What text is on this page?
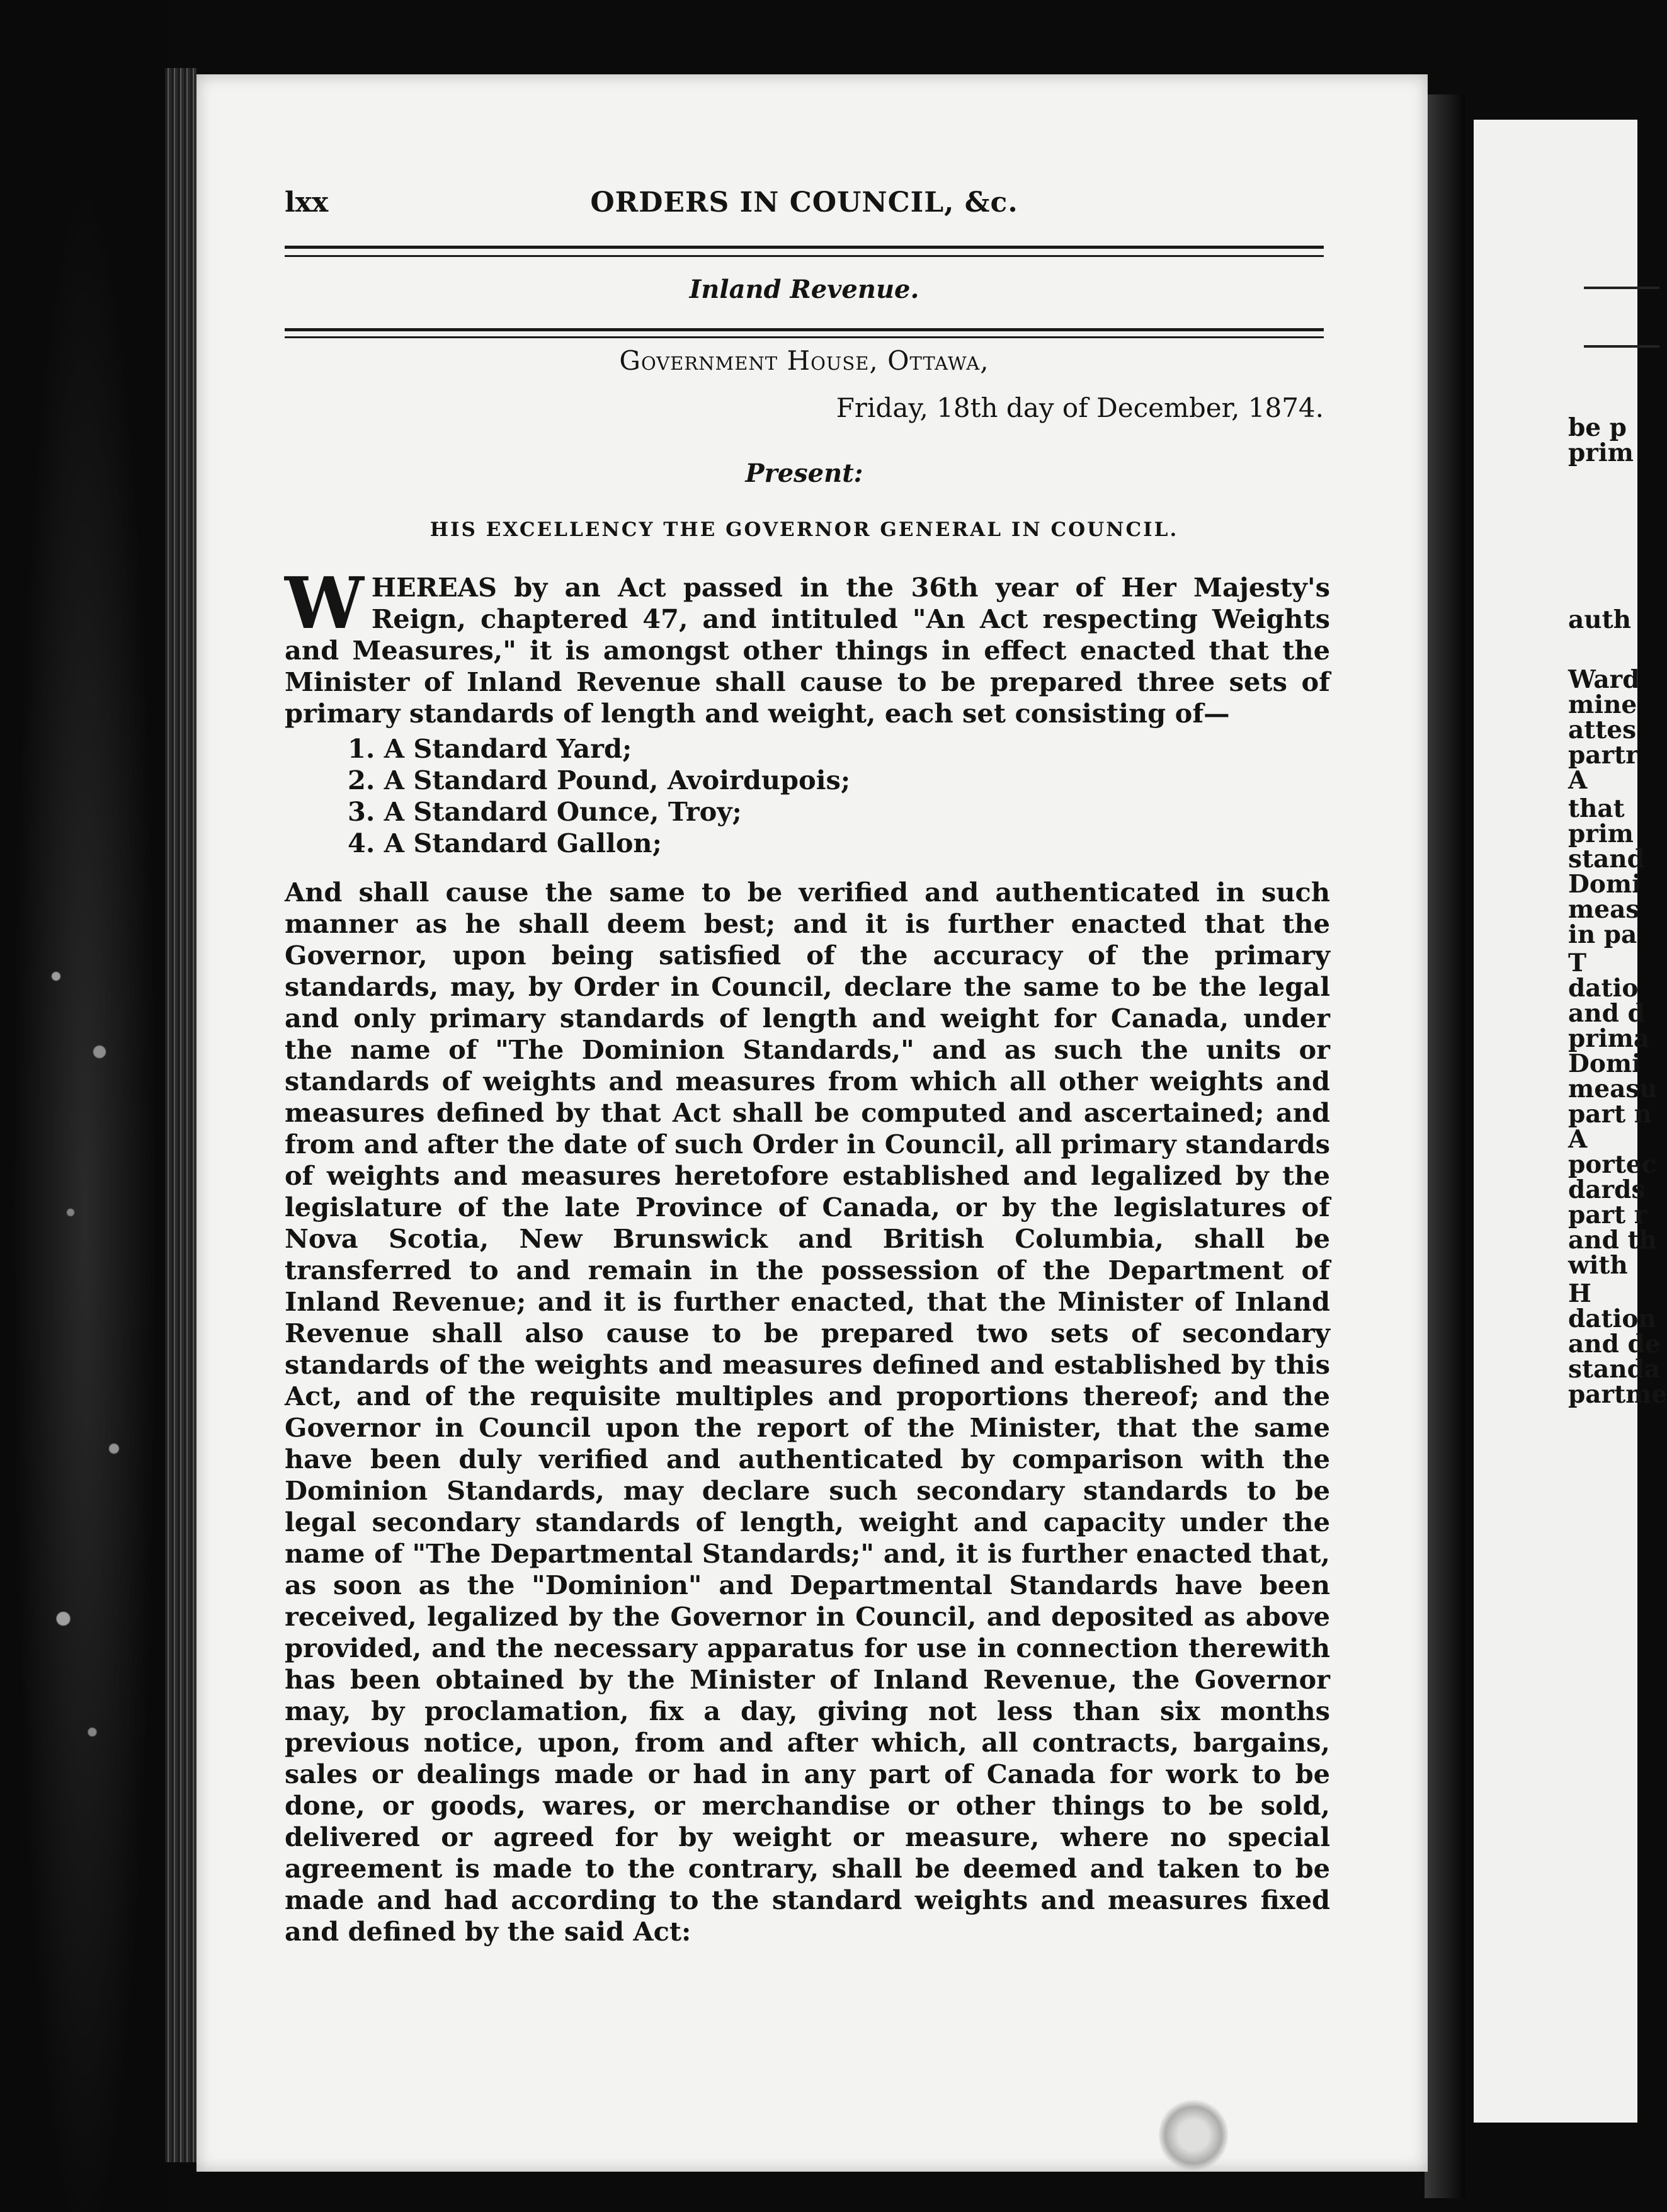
be p
prim
auth
Ward
mine
attes
partr
A
that
prim
stand
Domi
meas
in pa
T
datio
and d
prima
Domi
measu
part n
A
portec
dards
part r
and th
with
H
dation
and de
standa
partme
lxx	ORDERS IN COUNCIL, &c.
Inland Revenue.
Government House, Ottawa,
Friday, 18th day of December, 1874.
Present:
HIS EXCELLENCY THE GOVERNOR GENERAL IN COUNCIL.

W HEREAS by an Act passed in the 36th year of Her Majesty's Reign, chaptered 47, and intituled "An Act respecting Weights and Measures," it is amongst other things in effect enacted that the Minister of Inland Revenue shall cause to be prepared three sets of primary standards of length and weight, each set consisting of—

1. A Standard Yard;
2. A Standard Pound, Avoirdupois;
3. A Standard Ounce, Troy;
4. A Standard Gallon;

And shall cause the same to be verified and authenticated in such manner as he shall deem best; and it is further enacted that the Governor, upon being satisfied of the accuracy of the primary standards, may, by Order in Council, declare the same to be the legal and only primary standards of length and weight for Canada, under the name of "The Dominion Standards," and as such the units or standards of weights and measures from which all other weights and measures defined by that Act shall be computed and ascertained; and from and after the date of such Order in Council, all primary standards of weights and measures heretofore established and legalized by the legislature of the late Province of Canada, or by the legislatures of Nova Scotia, New Brunswick and British Columbia, shall be transferred to and remain in the possession of the Department of Inland Revenue; and it is further enacted, that the Minister of Inland Revenue shall also cause to be prepared two sets of secondary standards of the weights and measures defined and established by this Act, and of the requisite multiples and proportions thereof; and the Governor in Council upon the report of the Minister, that the same have been duly verified and authenticated by comparison with the Dominion Standards, may declare such secondary standards to be legal secondary standards of length, weight and capacity under the name of "The Departmental Standards;" and, it is further enacted that, as soon as the "Dominion" and Departmental Standards have been received, legalized by the Governor in Council, and deposited as above provided, and the necessary apparatus for use in connection therewith has been obtained by the Minister of Inland Revenue, the Governor may, by proclamation, fix a day, giving not less than six months previous notice, upon, from and after which, all contracts, bargains, sales or dealings made or had in any part of Canada for work to be done, or goods, wares, or merchandise or other things to be sold, delivered or agreed for by weight or measure, where no special agreement is made to the contrary, shall be deemed and taken to be made and had according to the standard weights and measures fixed and defined by the said Act:
